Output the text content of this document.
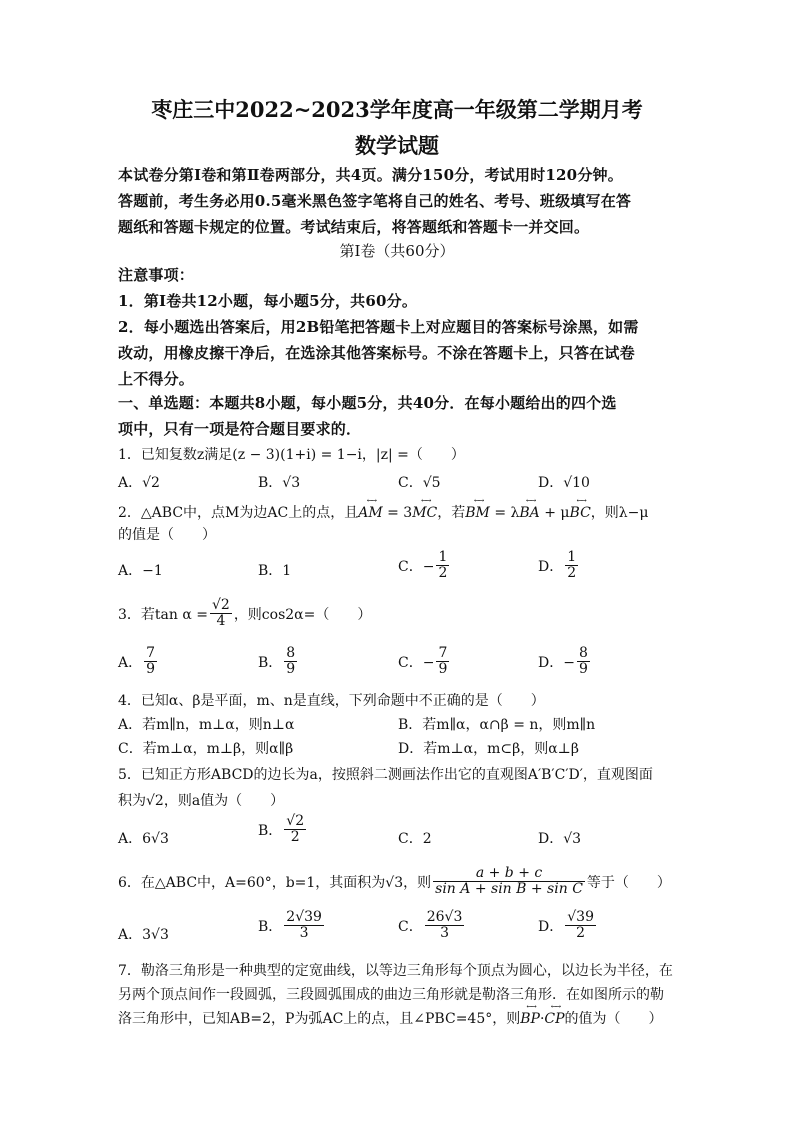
枣庄三中2022~2023学年度高一年级第二学期月考
数学试题
本试卷分第Ⅰ卷和第Ⅱ卷两部分，共4页。满分150分，考试用时120分钟。
答题前，考生务必用0.5毫米黑色签字笔将自己的姓名、考号、班级填写在答
题纸和答题卡规定的位置。考试结束后，将答题纸和答题卡一并交回。
第Ⅰ卷（共60分）
注意事项：
1．第Ⅰ卷共12小题，每小题5分，共60分。
2．每小题选出答案后，用2B铅笔把答题卡上对应题目的答案标号涂黑，如需
改动，用橡皮擦干净后，在选涂其他答案标号。不涂在答题卡上，只答在试卷
上不得分。
一、单选题：本题共8小题，每小题5分，共40分．在每小题给出的四个选
项中，只有一项是符合题目要求的．
1．已知复数z满足(z − 3)(1+i) = 1−i，|z| =（　　）
A．√2	B．√3	C．√5	D．√10
2．△ABC中，点M为边AC上的点，且←→ AM = 3←→ MC，若←→ BM = λ←→ BA + μ←→ BC，则λ−μ
的值是（　　）
A．−1	B．1	C．− $\frac{1}{2}$	D． $\frac{1}{2}$
3．若$\tan \alpha = \frac{√2}{4}$ ，则cos2α=（　　）
A． $\frac{7}{9}$	B． $\frac{8}{9}$	C．− $\frac{7}{9}$	D．− $\frac{8}{9}$
4．已知α、β是平面，m、n是直线，下列命题中不正确的是（　　）
A．若m∥n，m⊥α，则n⊥α	B．若m∥α，α∩β = n，则m∥n
C．若m⊥α，m⊥β，则α∥β	D．若m⊥α，m⊂β，则α⊥β
5．已知正方形ABCD的边长为a，按照斜二测画法作出它的直观图A′B′C′D′，直观图面
积为√2，则a值为（　　）
A．6√3
B． $\frac{√2}{2}$	C．2	D．√3
6．在△ABC中，A=60°，b=1，其面积为√3，则 $\frac{a + b + c}{\text{sin A + sin B + sin C}}$ 等于（　　）
A．3√3
B． $\frac{2√39}{3}$	C． $\frac{26√3}{3}$	D． $\frac{√39}{2}$
7．勒洛三角形是一种典型的定宽曲线，以等边三角形每个顶点为圆心，以边长为半径，在
另两个顶点间作一段圆弧，三段圆弧围成的曲边三角形就是勒洛三角形．在如图所示的勒
洛三角形中，已知AB=2，P为弧AC上的点，且∠PBC=45°，则←→ BP·←→ CP的值为（　　）
